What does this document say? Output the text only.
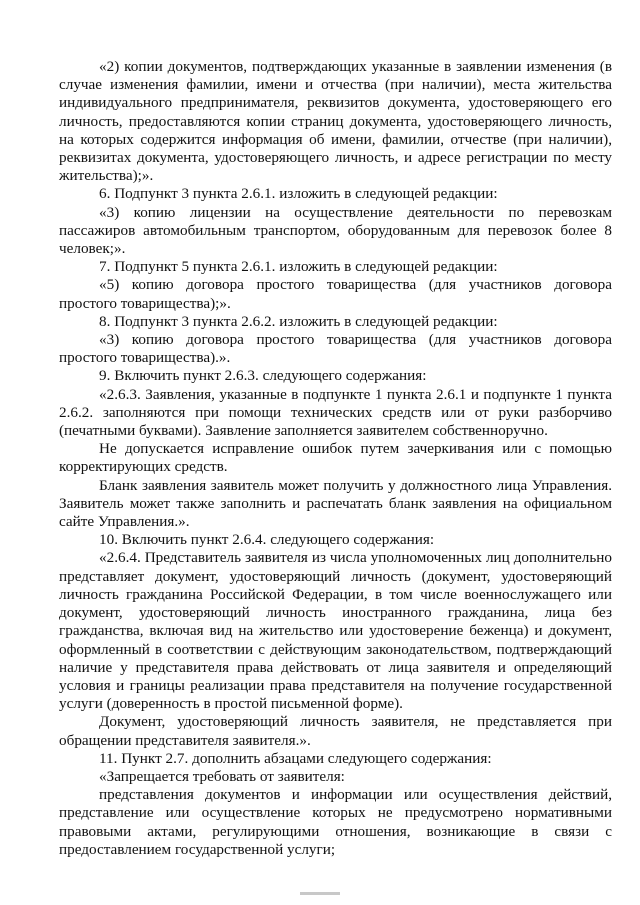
«2) копии документов, подтверждающих указанные в заявлении изменения (в случае изменения фамилии, имени и отчества (при наличии), места жительства индивидуального предпринимателя, реквизитов документа, удостоверяющего его личность, предоставляются копии страниц документа, удостоверяющего личность, на которых содержится информация об имени, фамилии, отчестве (при наличии), реквизитах документа, удостоверяющего личность, и адресе регистрации по месту жительства);».

6. Подпункт 3 пункта 2.6.1. изложить в следующей редакции:

«3) копию лицензии на осуществление деятельности по перевозкам пассажиров автомобильным транспортом, оборудованным для перевозок более 8 человек;».

7. Подпункт 5 пункта 2.6.1. изложить в следующей редакции:

«5) копию договора простого товарищества (для участников договора простого товарищества);».

8. Подпункт 3 пункта 2.6.2. изложить в следующей редакции:

«3) копию договора простого товарищества (для участников договора простого товарищества).».

9. Включить пункт 2.6.3. следующего содержания:

«2.6.3. Заявления, указанные в подпункте 1 пункта 2.6.1 и подпункте 1 пункта 2.6.2. заполняются при помощи технических средств или от руки разборчиво (печатными буквами). Заявление заполняется заявителем собственноручно.

Не допускается исправление ошибок путем зачеркивания или с помощью корректирующих средств.

Бланк заявления заявитель может получить у должностного лица Управления. Заявитель может также заполнить и распечатать бланк заявления на официальном сайте Управления.».

10. Включить пункт 2.6.4. следующего содержания:

«2.6.4. Представитель заявителя из числа уполномоченных лиц дополнительно представляет документ, удостоверяющий личность (документ, удостоверяющий личность гражданина Российской Федерации, в том числе военнослужащего или документ, удостоверяющий личность иностранного гражданина, лица без гражданства, включая вид на жительство или удостоверение беженца) и документ, оформленный в соответствии с действующим законодательством, подтверждающий наличие у представителя права действовать от лица заявителя и определяющий условия и границы реализации права представителя на получение государственной услуги (доверенность в простой письменной форме).

Документ, удостоверяющий личность заявителя, не представляется при обращении представителя заявителя.».

11. Пункт 2.7. дополнить абзацами следующего содержания:

«Запрещается требовать от заявителя:

представления документов и информации или осуществления действий, представление или осуществление которых не предусмотрено нормативными правовыми актами, регулирующими отношения, возникающие в связи с предоставлением государственной услуги;
